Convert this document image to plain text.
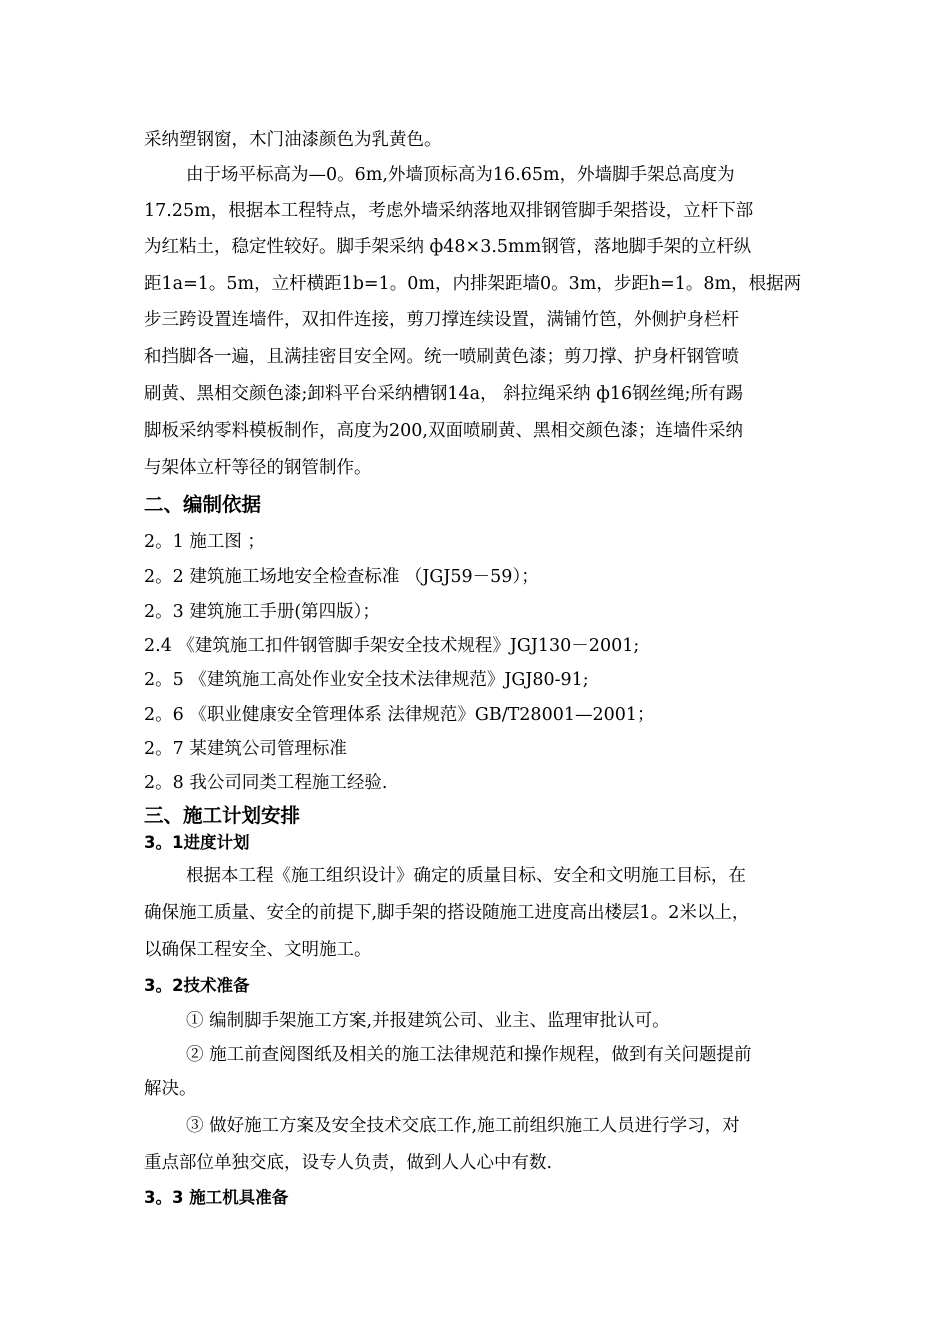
采纳塑钢窗，木门油漆颜色为乳黄色。

由于场平标高为—0。6m,外墙顶标高为16.65m，外墙脚手架总高度为

17.25m，根据本工程特点，考虑外墙采纳落地双排钢管脚手架搭设，立杆下部

为红粘土，稳定性较好。脚手架采纳 ф48×3.5mm钢管，落地脚手架的立杆纵

距1a=1。5m，立杆横距1b=1。0m，内排架距墙0。3m，步距h=1。8m，根据两

步三跨设置连墙件，双扣件连接，剪刀撑连续设置，满铺竹笆，外侧护身栏杆

和挡脚各一遍，且满挂密目安全网。统一喷刷黄色漆；剪刀撑、护身杆钢管喷

刷黄、黑相交颜色漆;卸料平台采纳槽钢14a， 斜拉绳采纳 ф16钢丝绳;所有踢

脚板采纳零料模板制作，高度为200,双面喷刷黄、黑相交颜色漆；连墙件采纳

与架体立杆等径的钢管制作。

二、编制依据

2。1 施工图 ；

2。2 建筑施工场地安全检查标准 （JGJ59－59）；

2。3 建筑施工手册(第四版）；

2.4 《建筑施工扣件钢管脚手架安全技术规程》JGJ130－2001;

2。5 《建筑施工高处作业安全技术法律规范》JGJ80-91;

2。6 《职业健康安全管理体系 法律规范》GB/T28001—2001；

2。7 某建筑公司管理标准

2。8 我公司同类工程施工经验.

三、施工计划安排
3。1进度计划

根据本工程《施工组织设计》确定的质量目标、安全和文明施工目标，在

确保施工质量、安全的前提下,脚手架的搭设随施工进度高出楼层1。2米以上，

以确保工程安全、文明施工。

3。2技术准备

① 编制脚手架施工方案,并报建筑公司、业主、监理审批认可。

② 施工前查阅图纸及相关的施工法律规范和操作规程，做到有关问题提前

解决。

③ 做好施工方案及安全技术交底工作,施工前组织施工人员进行学习，对

重点部位单独交底，设专人负责，做到人人心中有数.

3。3 施工机具准备
